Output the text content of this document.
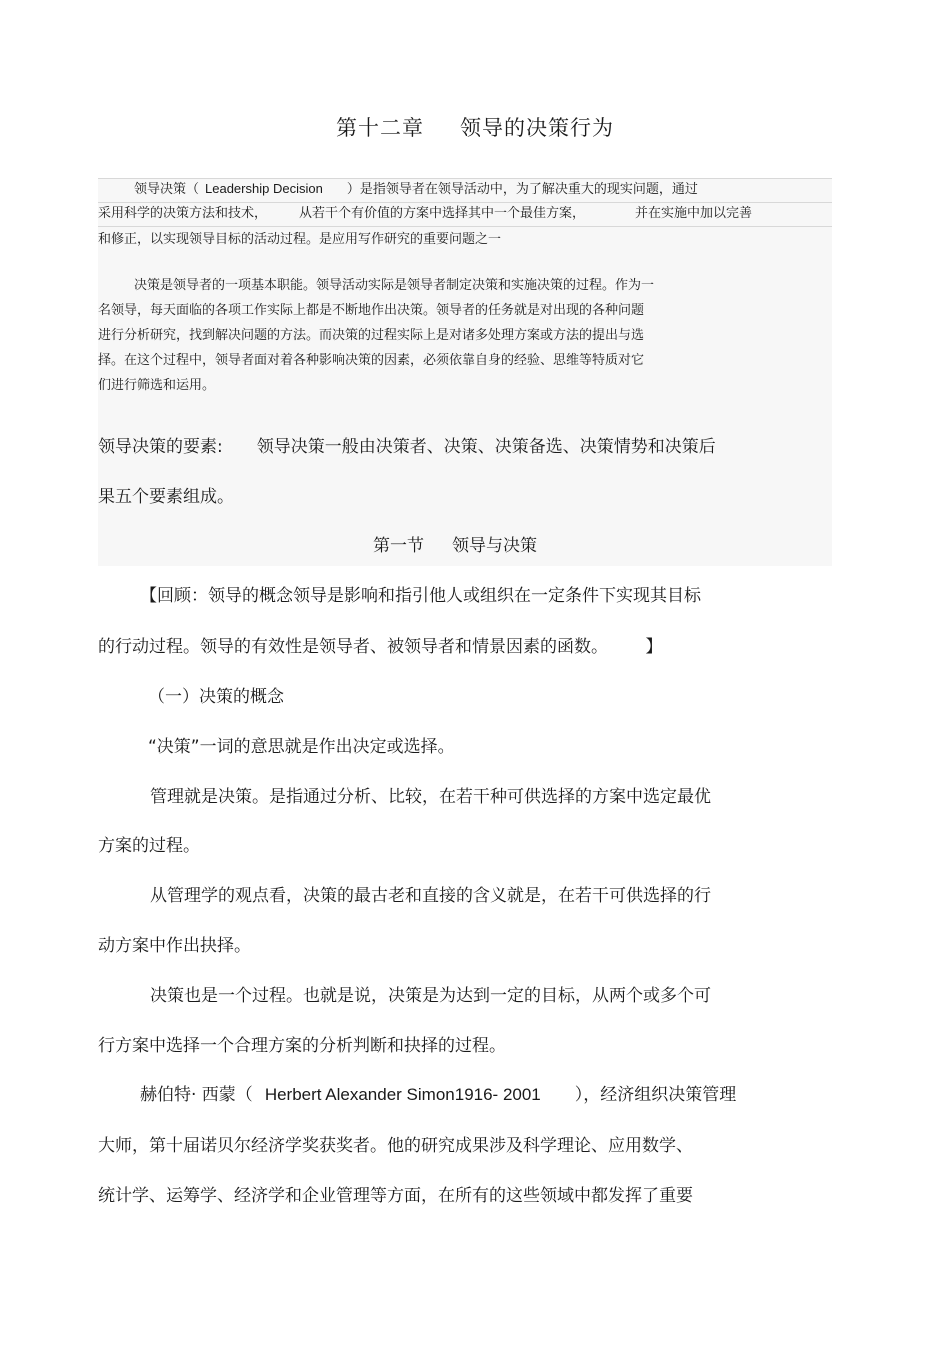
第十二章 领导的决策行为
领导决策（ Leadership Decision ）是指领导者在领导活动中，为了解决重大的现实问题，通过
采用科学的决策方法和技术， 从若干个有价值的方案中选择其中一个最佳方案，	并在实施中加以完善
和修正，以实现领导目标的活动过程。是应用写作研究的重要问题之一
决策是领导者的一项基本职能。领导活动实际是领导者制定决策和实施决策的过程。作为一
名领导，每天面临的各项工作实际上都是不断地作出决策。领导者的任务就是对出现的各种问题
进行分析研究，找到解决问题的方法。而决策的过程实际上是对诸多处理方案或方法的提出与选
择。在这个过程中，领导者面对着各种影响决策的因素，必须依靠自身的经验、思维等特质对它
们进行筛选和运用。
领导决策的要素: 领导决策一般由决策者、决策、决策备选、决策情势和决策后
果五个要素组成。
第一节 领导与决策
【回顾：领导的概念领导是影响和指引他人或组织在一定条件下实现其目标
的行动过程。领导的有效性是领导者、被领导者和情景因素的函数。	】
（一）决策的概念
“决策”一词的意思就是作出决定或选择。
管理就是决策。是指通过分析、比较，在若干种可供选择的方案中选定最优
方案的过程。
从管理学的观点看，决策的最古老和直接的含义就是，在若干可供选择的行
动方案中作出抉择。
决策也是一个过程。也就是说，决策是为达到一定的目标，从两个或多个可
行方案中选择一个合理方案的分析判断和抉择的过程。
赫伯特· 西蒙（ Herbert Alexander Simon1916- 2001 ），经济组织决策管理
大师，第十届诺贝尔经济学奖获奖者。他的研究成果涉及科学理论、应用数学、
统计学、运筹学、经济学和企业管理等方面，在所有的这些领域中都发挥了重要
